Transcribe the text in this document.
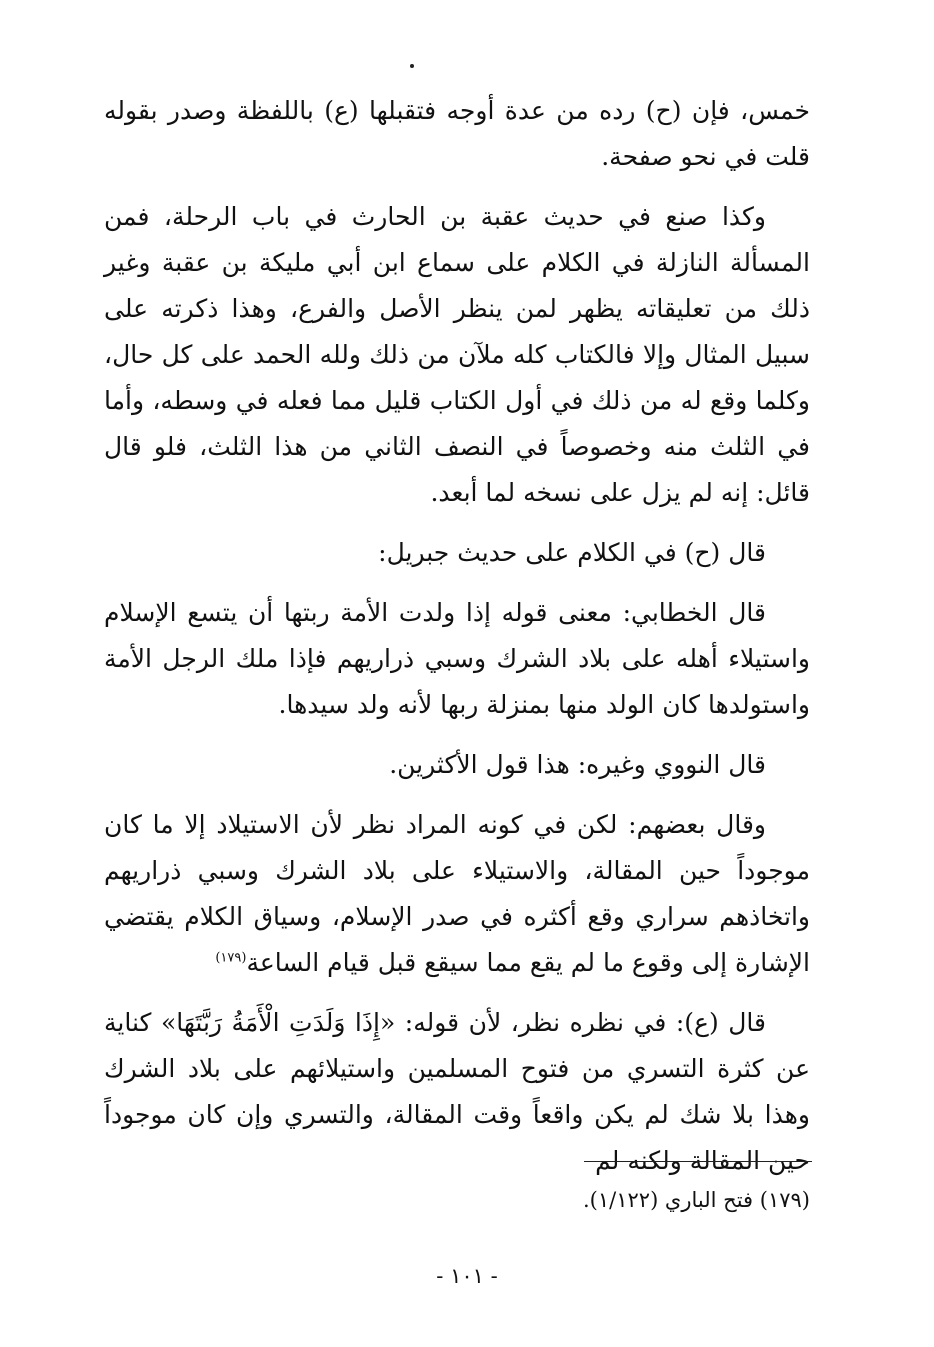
خمس، فإن (ح) رده من عدة أوجه فتقبلها (ع) باللفظة وصدر بقوله قلت في نحو صفحة.

وكذا صنع في حديث عقبة بن الحارث في باب الرحلة، فمن المسألة النازلة في الكلام على سماع ابن أبي مليكة بن عقبة وغير ذلك من تعليقاته يظهر لمن ينظر الأصل والفرع، وهذا ذكرته على سبيل المثال وإلا فالكتاب كله ملآن من ذلك ولله الحمد على كل حال، وكلما وقع له من ذلك في أول الكتاب قليل مما فعله في وسطه، وأما في الثلث منه وخصوصاً في النصف الثاني من هذا الثلث، فلو قال قائل: إنه لم يزل على نسخه لما أبعد.

قال (ح) في الكلام على حديث جبريل:

قال الخطابي: معنى قوله إذا ولدت الأمة ربتها أن يتسع الإسلام واستيلاء أهله على بلاد الشرك وسبي ذراريهم فإذا ملك الرجل الأمة واستولدها كان الولد منها بمنزلة ربها لأنه ولد سيدها.

قال النووي وغيره: هذا قول الأكثرين.

وقال بعضهم: لكن في كونه المراد نظر لأن الاستيلاد إلا ما كان موجوداً حين المقالة، والاستيلاء على بلاد الشرك وسبي ذراريهم واتخاذهم سراري وقع أكثره في صدر الإسلام، وسياق الكلام يقتضي الإشارة إلى وقوع ما لم يقع مما سيقع قبل قيام الساعة$^{(١٧٩)}$

قال (ع): في نظره نظر، لأن قوله: «إِذَا وَلَدَتِ الْأَمَةُ رَبَّتَهَا» كناية عن كثرة التسري من فتوح المسلمين واستيلائهم على بلاد الشرك وهذا بلا شك لم يكن واقعاً وقت المقالة، والتسري وإن كان موجوداً حين المقالة ولكنه لم

(١٧٩) فتح الباري (١/١٢٢).
- ١٠١ -
